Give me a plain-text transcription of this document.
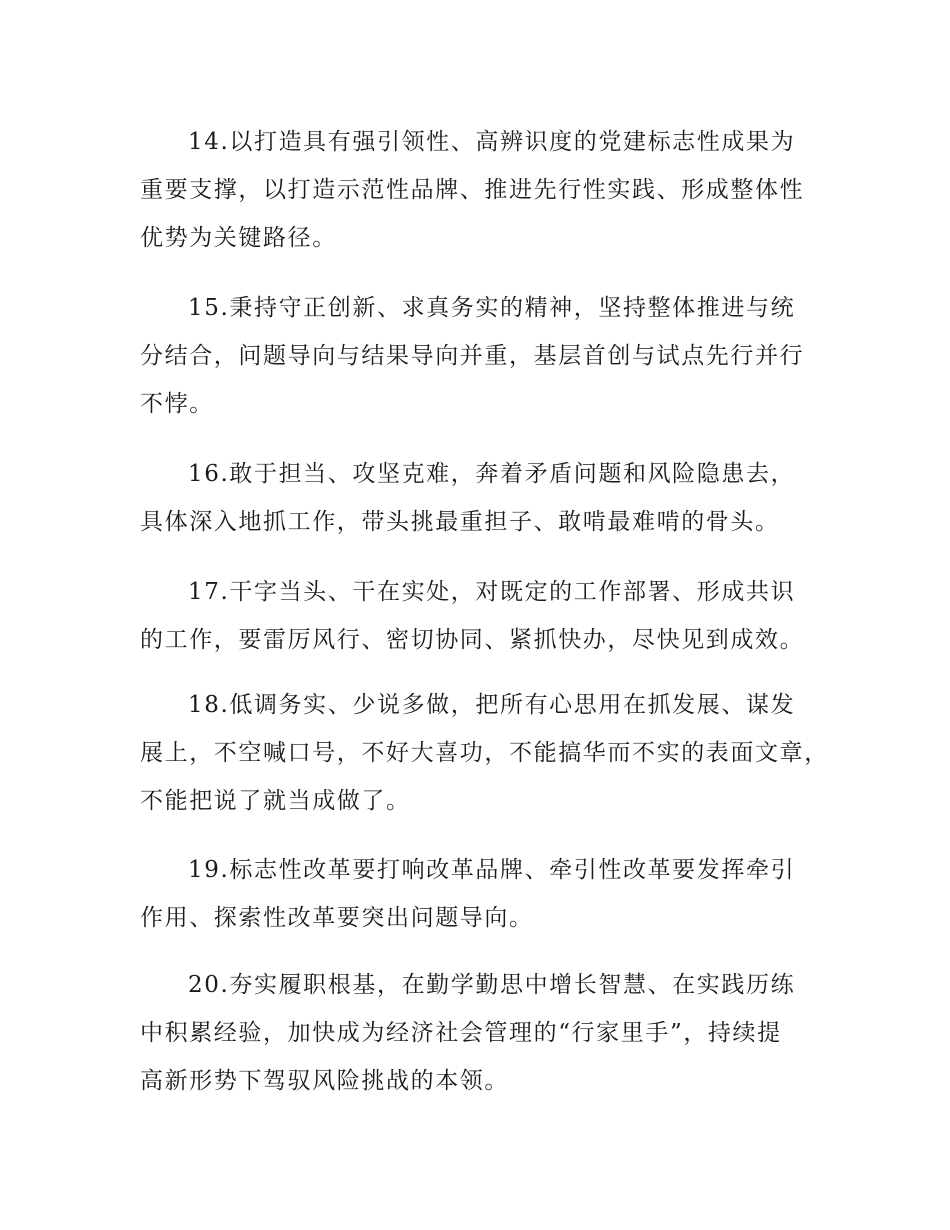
14.以打造具有强引领性、高辨识度的党建标志性成果为
重要支撑，以打造示范性品牌、推进先行性实践、形成整体性
优势为关键路径。

15.秉持守正创新、求真务实的精神，坚持整体推进与统
分结合，问题导向与结果导向并重，基层首创与试点先行并行
不悖。

16.敢于担当、攻坚克难，奔着矛盾问题和风险隐患去，
具体深入地抓工作，带头挑最重担子、敢啃最难啃的骨头。

17.干字当头、干在实处，对既定的工作部署、形成共识
的工作，要雷厉风行、密切协同、紧抓快办，尽快见到成效。

18.低调务实、少说多做，把所有心思用在抓发展、谋发
展上，不空喊口号，不好大喜功，不能搞华而不实的表面文章，
不能把说了就当成做了。

19.标志性改革要打响改革品牌、牵引性改革要发挥牵引
作用、探索性改革要突出问题导向。

20.夯实履职根基，在勤学勤思中增长智慧、在实践历练
中积累经验，加快成为经济社会管理的“行家里手”，持续提
高新形势下驾驭风险挑战的本领。
